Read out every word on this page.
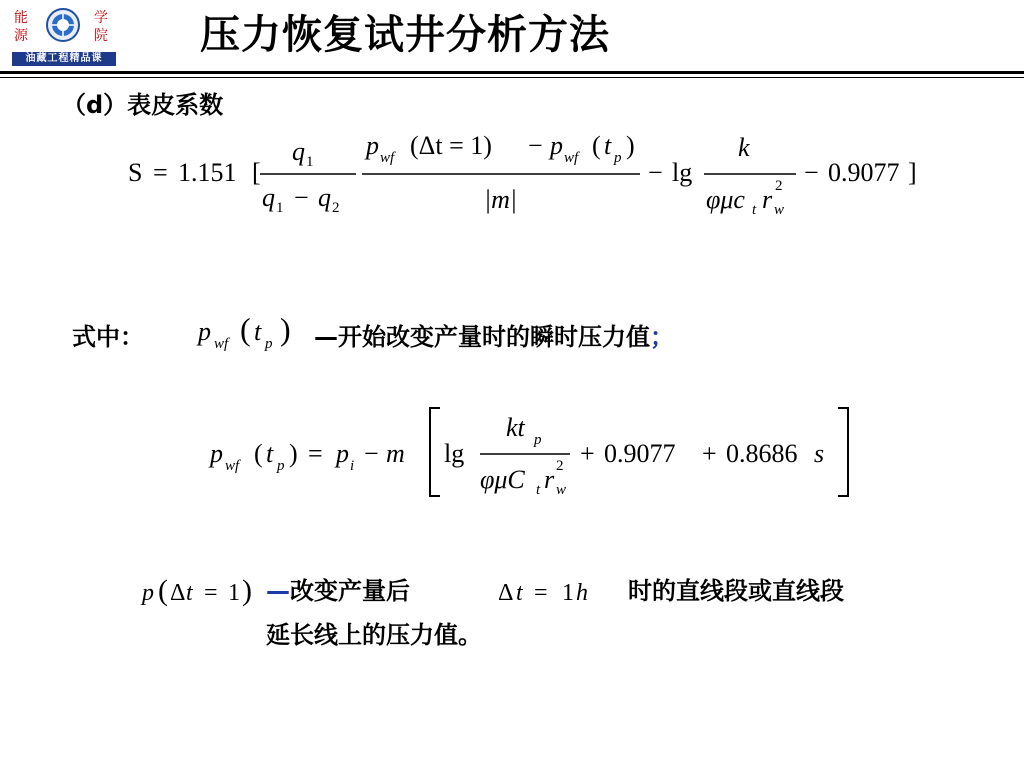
能
源
学
院
油藏工程精品课
压力恢复试井分析方法
（d）表皮系数
S = 1.151 [
q 1
q 1 − q 2
p wf (Δt = 1) − p wf ( t p )
|m|
− lg
k
φμc t r w
2 − 0.9077 ]
式中： p wf ( t p ) —开始改变产量时的瞬时压力值；
p wf ( t p ) = p i − m lg
kt p
φμC t r w
2 + 0.9077 + 0.8686 s
p ( Δ t = 1 ) —改变产量后	Δ t = 1 h 时的直线段或直线段
延长线上的压力值。
